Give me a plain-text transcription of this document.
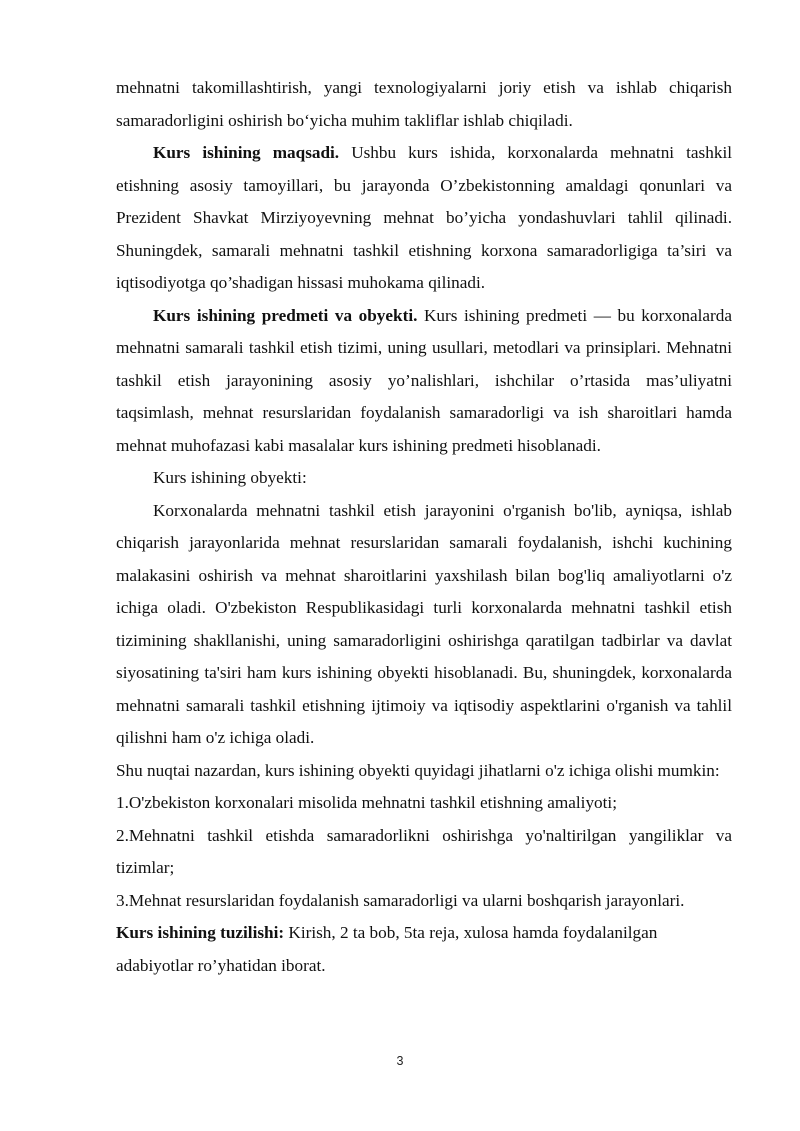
mehnatni takomillashtirish, yangi texnologiyalarni joriy etish va ishlab chiqarish samaradorligini oshirish boʻyicha muhim takliflar ishlab chiqiladi.

Kurs ishining maqsadi. Ushbu kurs ishida, korxonalarda mehnatni tashkil etishning asosiy tamoyillari, bu jarayonda O’zbekistonning amaldagi qonunlari va Prezident Shavkat Mirziyoyevning mehnat bo’yicha yondashuvlari tahlil qilinadi. Shuningdek, samarali mehnatni tashkil etishning korxona samaradorligiga ta’siri va iqtisodiyotga qo’shadigan hissasi muhokama qilinadi.

Kurs ishining predmeti va obyekti. Kurs ishining predmeti — bu korxonalarda mehnatni samarali tashkil etish tizimi, uning usullari, metodlari va prinsiplari. Mehnatni tashkil etish jarayonining asosiy yo’nalishlari, ishchilar o’rtasida mas’uliyatni taqsimlash, mehnat resurslaridan foydalanish samaradorligi va ish sharoitlari hamda mehnat muhofazasi kabi masalalar kurs ishining predmeti hisoblanadi.

Kurs ishining obyekti:

Korxonalarda mehnatni tashkil etish jarayonini o'rganish bo'lib, ayniqsa, ishlab chiqarish jarayonlarida mehnat resurslaridan samarali foydalanish, ishchi kuchining malakasini oshirish va mehnat sharoitlarini yaxshilash bilan bog'liq amaliyotlarni o'z ichiga oladi. O'zbekiston Respublikasidagi turli korxonalarda mehnatni tashkil etish tizimining shakllanishi, uning samaradorligini oshirishga qaratilgan tadbirlar va davlat siyosatining ta'siri ham kurs ishining obyekti hisoblanadi. Bu, shuningdek, korxonalarda mehnatni samarali tashkil etishning ijtimoiy va iqtisodiy aspektlarini o'rganish va tahlil qilishni ham o'z ichiga oladi.

Shu nuqtai nazardan, kurs ishining obyekti quyidagi jihatlarni o'z ichiga olishi mumkin:

1.O'zbekiston korxonalari misolida mehnatni tashkil etishning amaliyoti;

2.Mehnatni tashkil etishda samaradorlikni oshirishga yo'naltirilgan yangiliklar va tizimlar;

3.Mehnat resurslaridan foydalanish samaradorligi va ularni boshqarish jarayonlari.

Kurs ishining tuzilishi: Kirish, 2 ta bob, 5ta reja, xulosa hamda foydalanilgan
adabiyotlar ro’yhatidan iborat.

3
